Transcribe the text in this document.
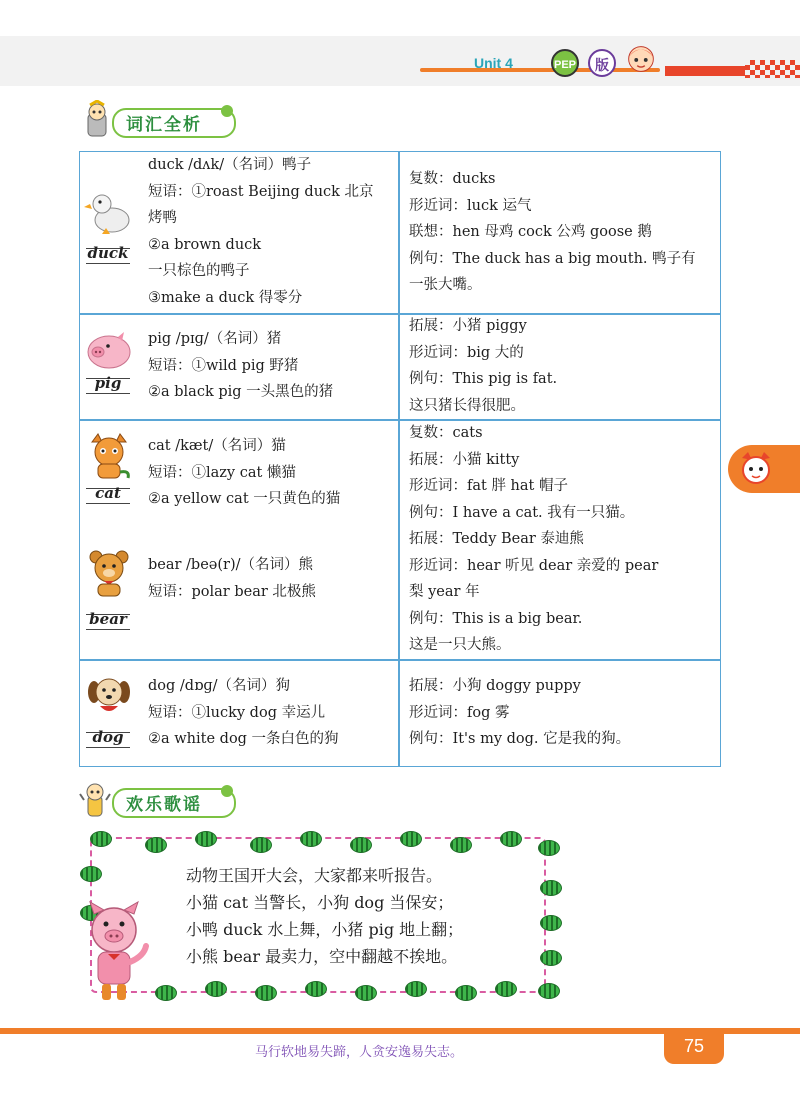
Unit 4	PEP	版
词汇全析
duck
duck /dʌk/（名词）鸭子
短语：①roast Beijing duck 北京
烤鸭
②a brown duck
一只棕色的鸭子
③make a duck 得零分
复数：ducks
形近词：luck 运气
联想：hen 母鸡 cock 公鸡 goose 鹅
例句：The duck has a big mouth. 鸭子有
一张大嘴。
pig
pig /pɪɡ/（名词）猪
短语：①wild pig 野猪
②a black pig 一头黑色的猪
拓展：小猪 piggy
形近词：big 大的
例句：This pig is fat.
这只猪长得很肥。
cat
cat /kæt/（名词）猫
短语：①lazy cat 懒猫
②a yellow cat 一只黄色的猫
复数：cats
拓展：小猫 kitty
形近词：fat 胖 hat 帽子
例句：I have a cat. 我有一只猫。
bear
bear /beə(r)/（名词）熊
短语：polar bear 北极熊
拓展：Teddy Bear 泰迪熊
形近词：hear 听见 dear 亲爱的 pear
梨 year 年
例句：This is a big bear.
这是一只大熊。
dog
dog /dɒɡ/（名词）狗
短语：①lucky dog 幸运儿
②a white dog 一条白色的狗
拓展：小狗 doggy puppy
形近词：fog 雾
例句：It's my dog. 它是我的狗。
欢乐歌谣
动物王国开大会，大家都来听报告。
小猫 cat 当警长，小狗 dog 当保安；
小鸭 duck 水上舞，小猪 pig 地上翻；
小熊 bear 最卖力，空中翻越不挨地。
75
马行软地易失蹄，人贪安逸易失志。
